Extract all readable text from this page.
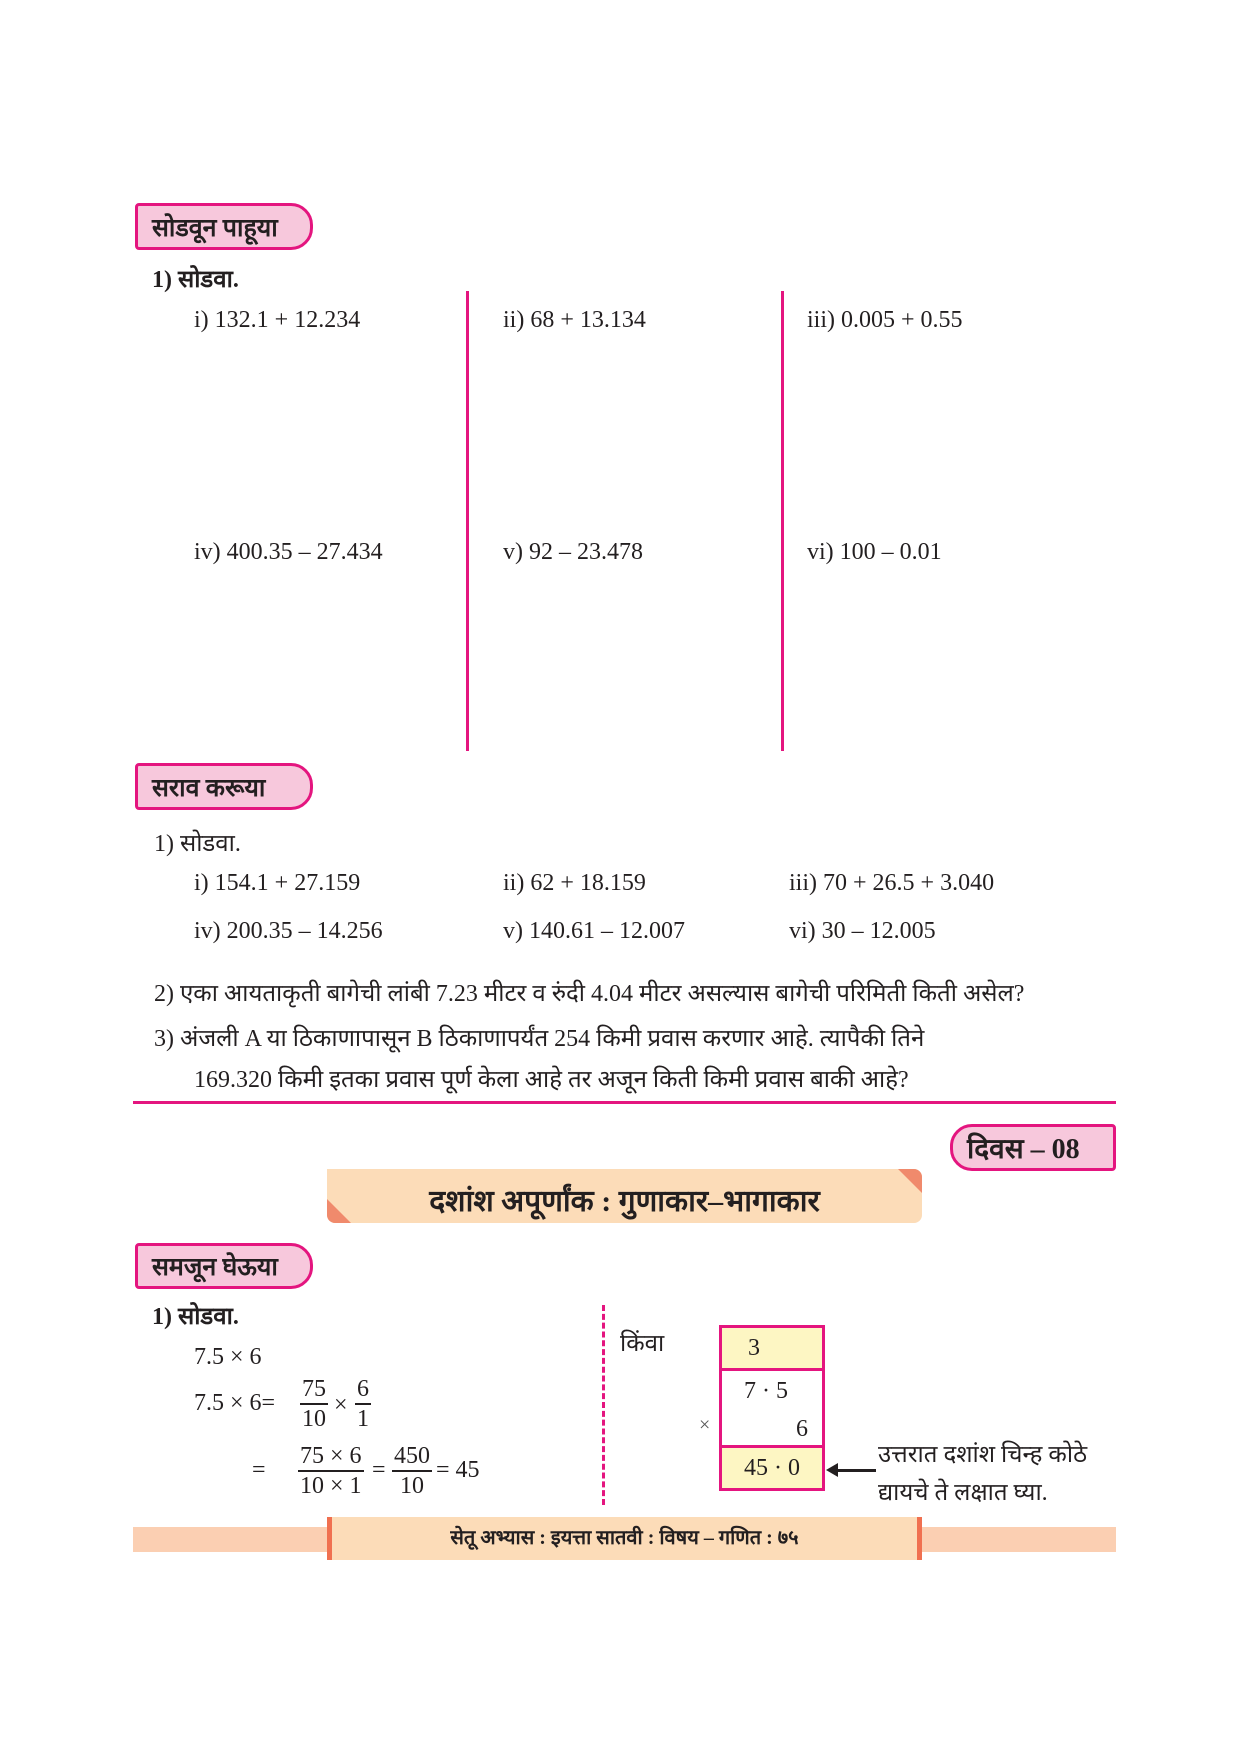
सोडवून पाहूया
1) सोडवा.
i) 132.1 + 12.234	ii) 68 + 13.134	iii) 0.005 + 0.55
iv) 400.35 – 27.434	v) 92 – 23.478	vi) 100 – 0.01
सराव करूया
1) सोडवा.
i) 154.1 + 27.159	ii) 62 + 18.159	iii) 70 + 26.5 + 3.040
iv) 200.35 – 14.256	v) 140.61 – 12.007	vi) 30 – 12.005
2) एका आयताकृती बागेची लांबी 7.23 मीटर व रुंदी 4.04 मीटर असल्यास बागेची परिमिती किती असेल?
3) अंजली A या ठिकाणापासून B ठिकाणापर्यंत 254 किमी प्रवास करणार आहे. त्यापैकी तिने
169.320 किमी इतका प्रवास पूर्ण केला आहे तर अजून किती किमी प्रवास बाकी आहे?
दिवस – 08
दशांश अपूर्णांक : गुणाकार–भागाकार
समजून घेऊया
1) सोडवा.
7.5 × 6
$7.5 \times 6= \frac{75}{10} \times \frac{6}{1}$
= $\frac{75 \times 6}{10 \times 1} = \frac{450}{10} = 45$
किंवा	3
7 · 5
6
45 · 0
×
उत्तरात दशांश चिन्ह कोठे
द्यायचे ते लक्षात घ्या.
सेतू अभ्यास : इयत्ता सातवी : विषय – गणित : ७५
